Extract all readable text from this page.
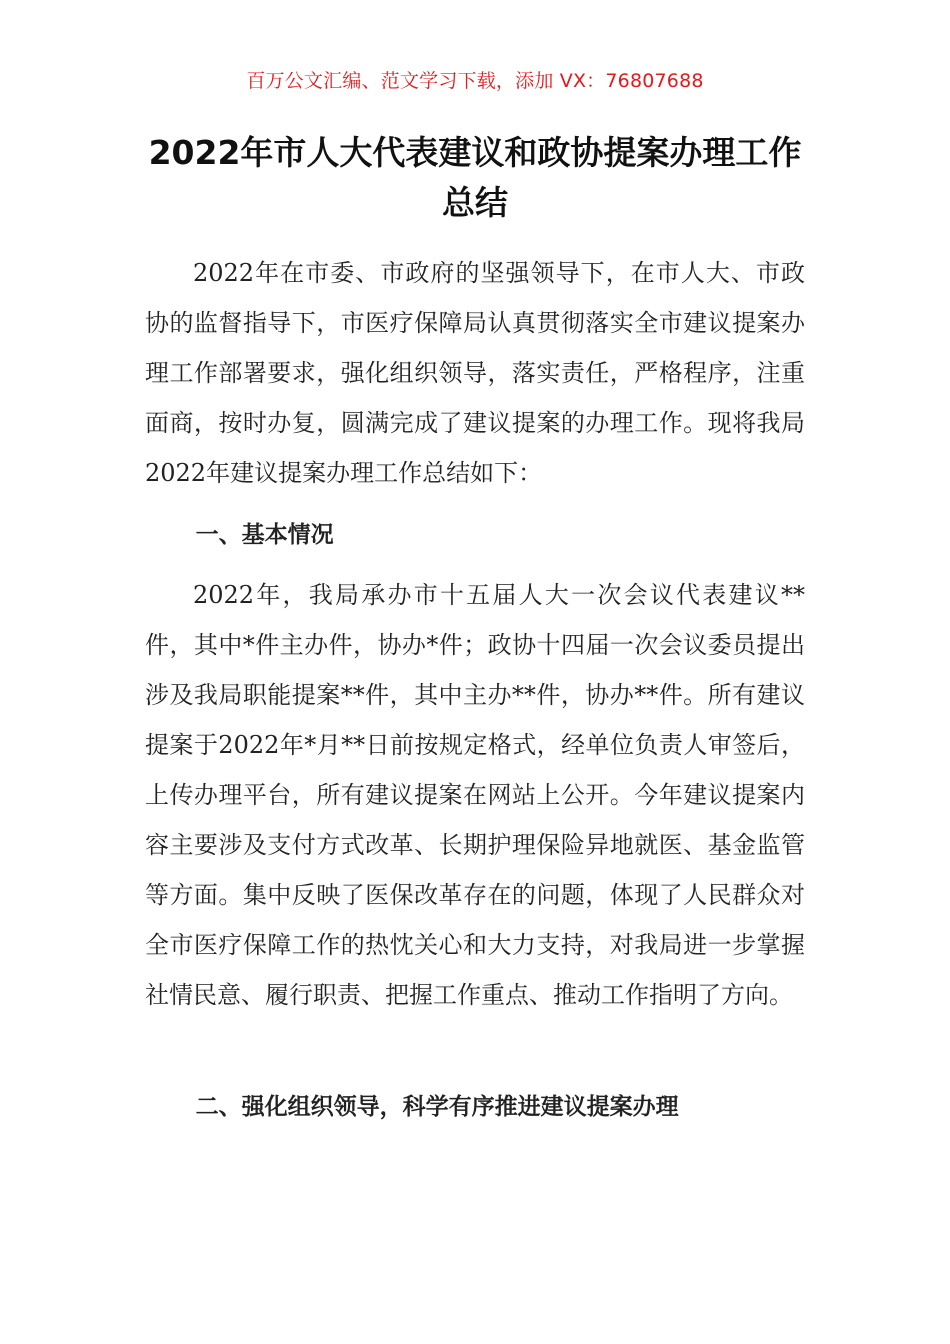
百万公文汇编、范文学习下载，添加 VX：76807688
2022年市人大代表建议和政协提案办理工作总结

2022年在市委、市政府的坚强领导下，在市人大、市政协的监督指导下，市医疗保障局认真贯彻落实全市建议提案办理工作部署要求，强化组织领导，落实责任，严格程序，注重面商，按时办复，圆满完成了建议提案的办理工作。现将我局2022年建议提案办理工作总结如下：

一、基本情况

2022年，我局承办市十五届人大一次会议代表建议**件，其中*件主办件，协办*件；政协十四届一次会议委员提出涉及我局职能提案**件，其中主办**件，协办**件。所有建议提案于2022年*月**日前按规定格式，经单位负责人审签后，上传办理平台，所有建议提案在网站上公开。今年建议提案内容主要涉及支付方式改革、长期护理保险异地就医、基金监管等方面。集中反映了医保改革存在的问题，体现了人民群众对全市医疗保障工作的热忱关心和大力支持，对我局进一步掌握社情民意、履行职责、把握工作重点、推动工作指明了方向。

二、强化组织领导，科学有序推进建议提案办理
